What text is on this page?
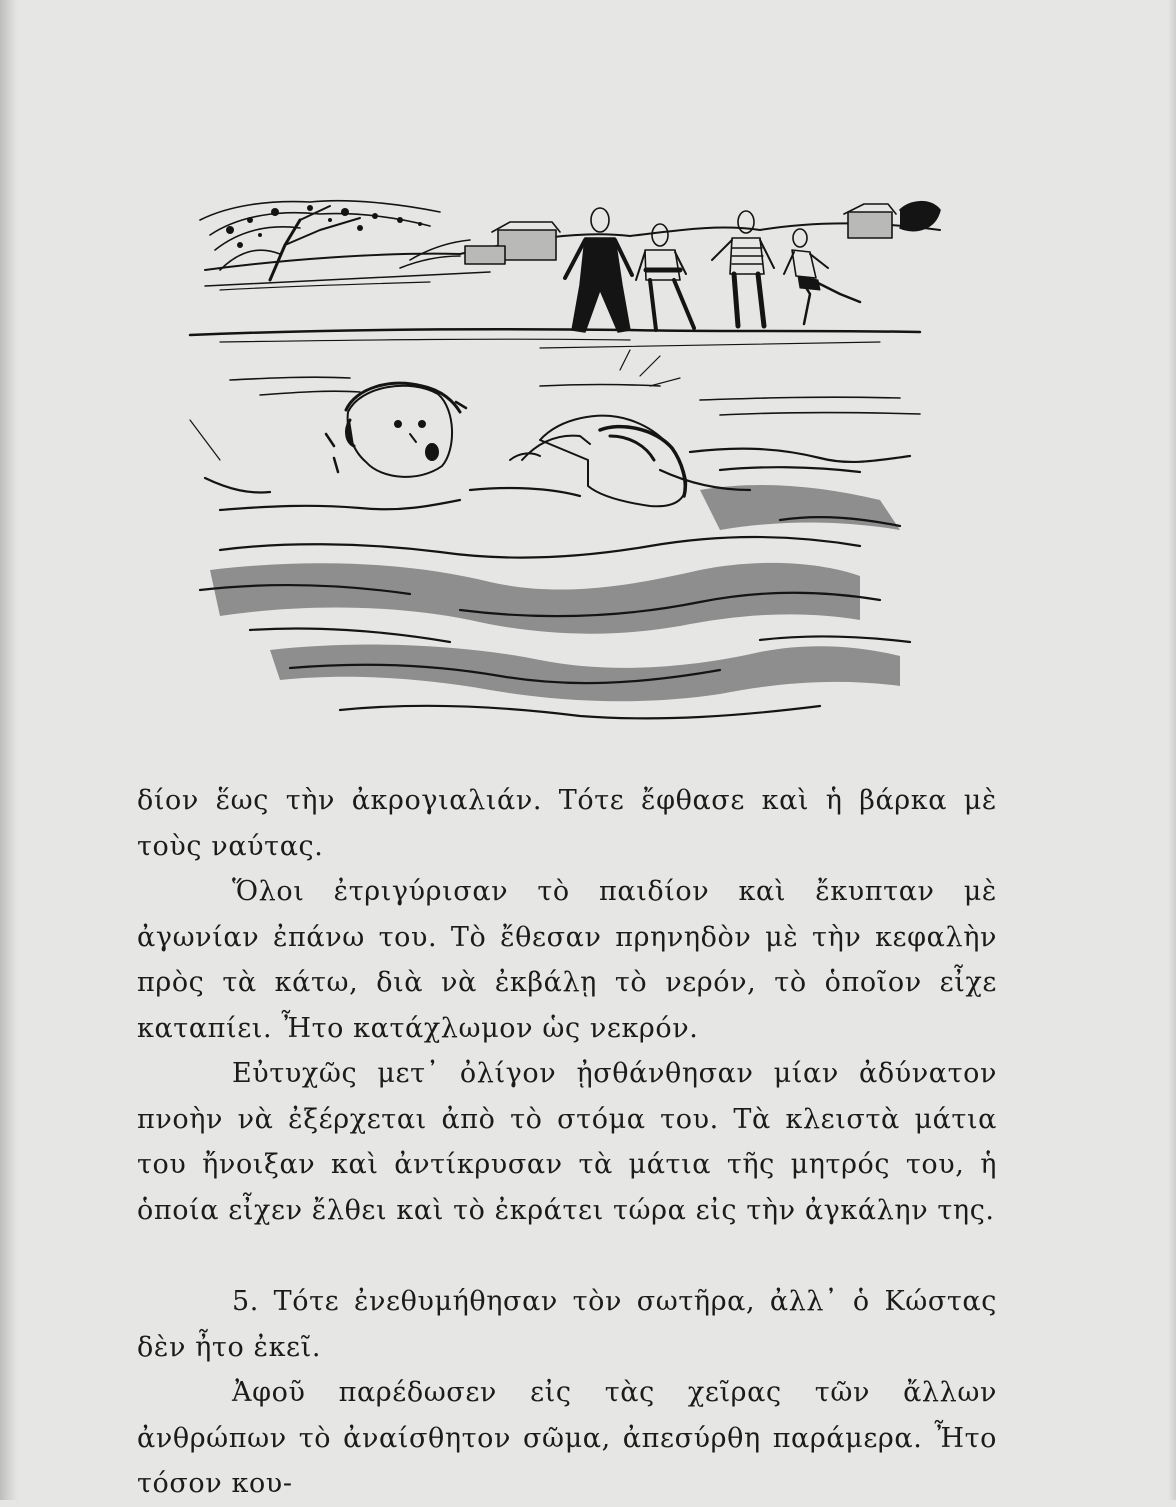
δίον ἕως τὴν ἀκρογιαλιάν. Τότε ἔφθασε καὶ ἡ βάρκα μὲ τοὺς ναύτας.

Ὅλοι ἐτριγύρισαν τὸ παιδίον καὶ ἔκυπταν μὲ ἀγωνίαν ἐπάνω του. Τὸ ἔθεσαν πρηνηδὸν μὲ τὴν κεφαλὴν πρὸς τὰ κάτω, διὰ νὰ ἐκβάλῃ τὸ νερόν, τὸ ὁποῖον εἶχε καταπίει. Ἦτο κατάχλωμον ὡς νεκρόν.

Εὐτυχῶς μετ᾿ ὀλίγον ᾐσθάνθησαν μίαν ἀδύνατον πνοὴν νὰ ἐξέρχεται ἀπὸ τὸ στόμα του. Τὰ κλειστὰ μάτια του ἤνοιξαν καὶ ἀντίκρυσαν τὰ μάτια τῆς μητρός του, ἡ ὁποία εἶχεν ἔλθει καὶ τὸ ἐκράτει τώρα εἰς τὴν ἀγκάλην της.

5. Τότε ἐνεθυμήθησαν τὸν σωτῆρα, ἀλλ᾿ ὁ Κώστας δὲν ἦτο ἐκεῖ.

Ἀφοῦ παρέδωσεν εἰς τὰς χεῖρας τῶν ἄλλων ἀνθρώπων τὸ ἀναίσθητον σῶμα, ἀπεσύρθη παράμερα. Ἦτο τόσον κου-
